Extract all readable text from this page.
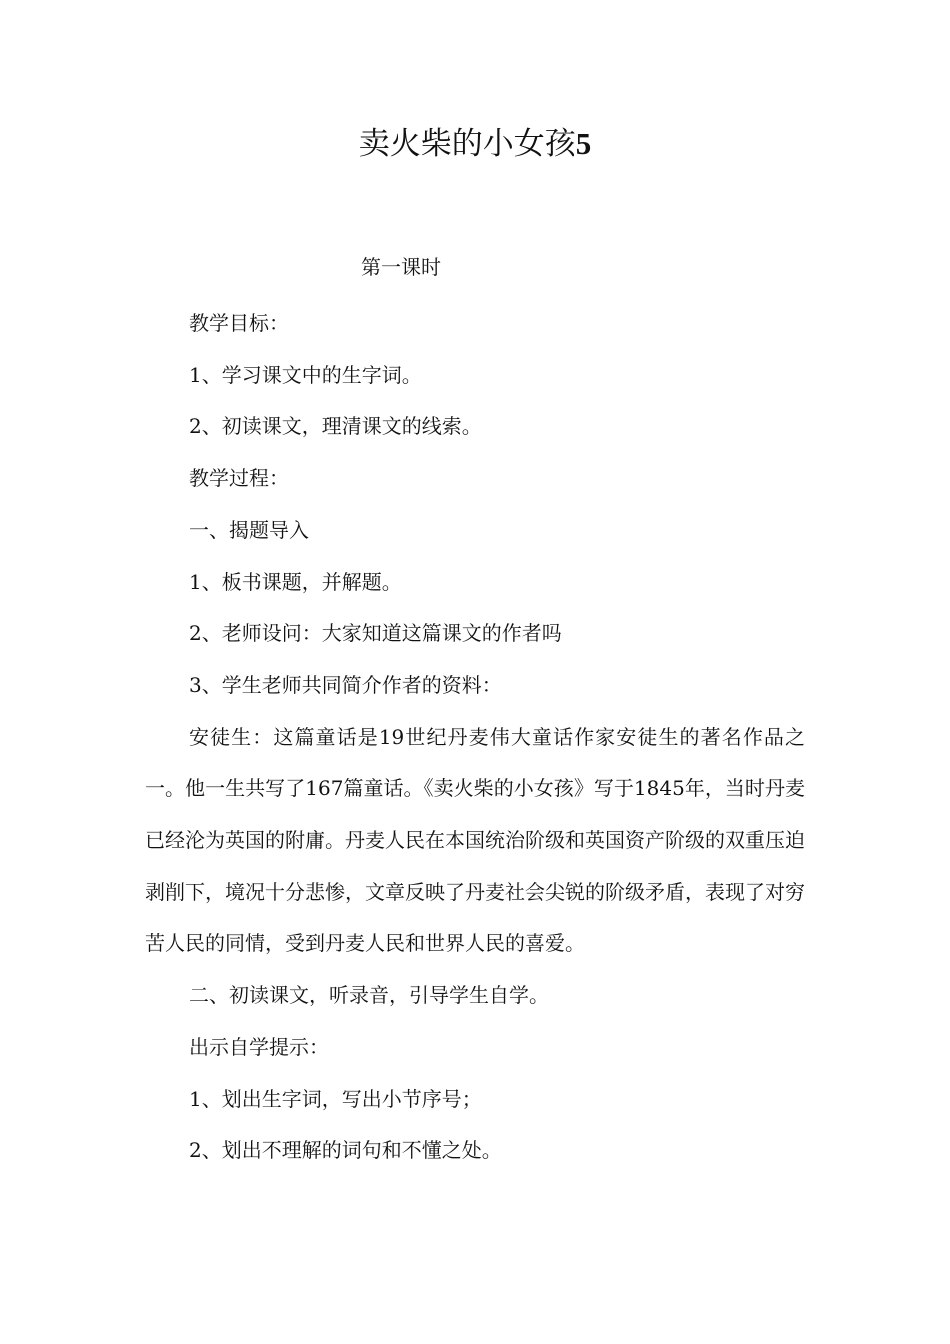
卖火柴的小女孩5
第一课时

教学目标：

1、学习课文中的生字词。

2、初读课文，理清课文的线索。

教学过程：

一、揭题导入

1、板书课题，并解题。

2、老师设问：大家知道这篇课文的作者吗

3、学生老师共同简介作者的资料：

安徒生：这篇童话是19世纪丹麦伟大童话作家安徒生的著名作品之一。他一生共写了167篇童话。《卖火柴的小女孩》写于1845年，当时丹麦已经沦为英国的附庸。丹麦人民在本国统治阶级和英国资产阶级的双重压迫剥削下，境况十分悲惨，文章反映了丹麦社会尖锐的阶级矛盾，表现了对穷苦人民的同情，受到丹麦人民和世界人民的喜爱。

二、初读课文，听录音，引导学生自学。

出示自学提示：

1、划出生字词，写出小节序号；

2、划出不理解的词句和不懂之处。
